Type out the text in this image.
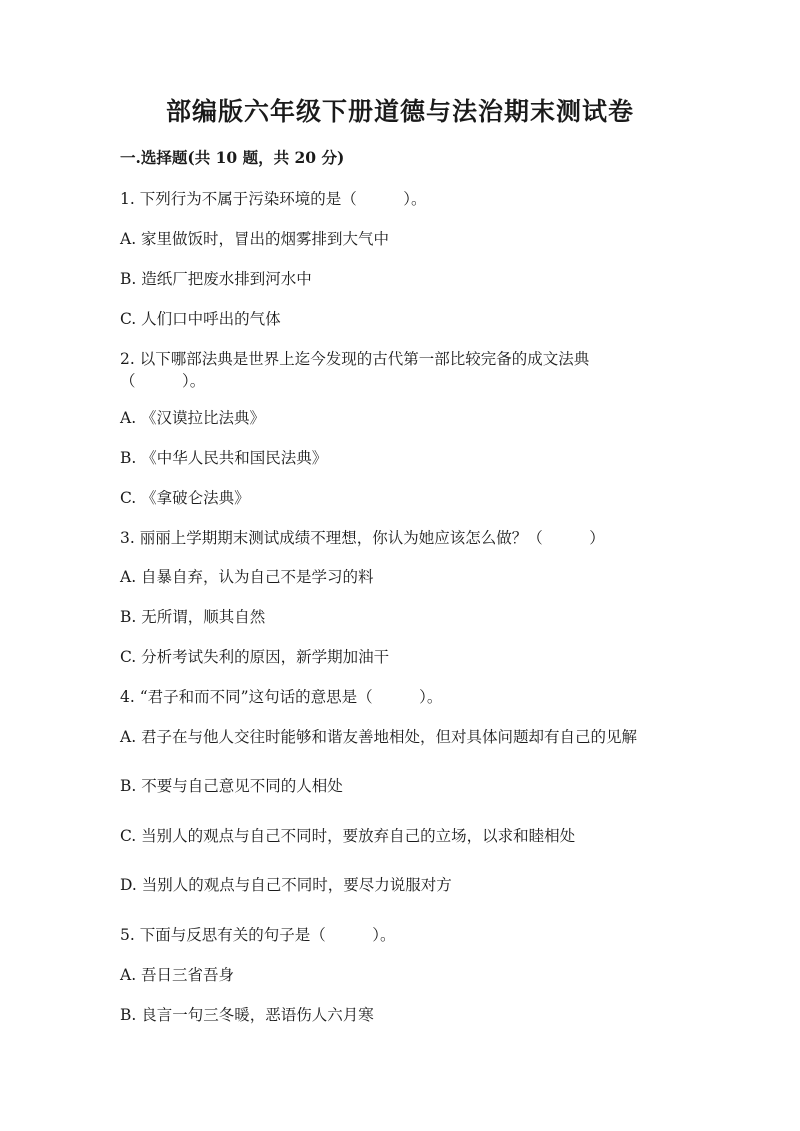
部编版六年级下册道德与法治期末测试卷
一.选择题(共 10 题，共 20 分)
1. 下列行为不属于污染环境的是（　　　）。
A. 家里做饭时，冒出的烟雾排到大气中
B. 造纸厂把废水排到河水中
C. 人们口中呼出的气体
2. 以下哪部法典是世界上迄今发现的古代第一部比较完备的成文法典
（　　　）。
A. 《汉谟拉比法典》
B. 《中华人民共和国民法典》
C. 《拿破仑法典》
3. 丽丽上学期期末测试成绩不理想，你认为她应该怎么做？（　　　）
A. 自暴自弃，认为自己不是学习的料
B. 无所谓，顺其自然
C. 分析考试失利的原因，新学期加油干
4. “君子和而不同”这句话的意思是（　　　）。
A. 君子在与他人交往时能够和谐友善地相处，但对具体问题却有自己的见解
B. 不要与自己意见不同的人相处
C. 当别人的观点与自己不同时，要放弃自己的立场，以求和睦相处
D. 当别人的观点与自己不同时，要尽力说服对方
5. 下面与反思有关的句子是（　　　）。
A. 吾日三省吾身
B. 良言一句三冬暖，恶语伤人六月寒
